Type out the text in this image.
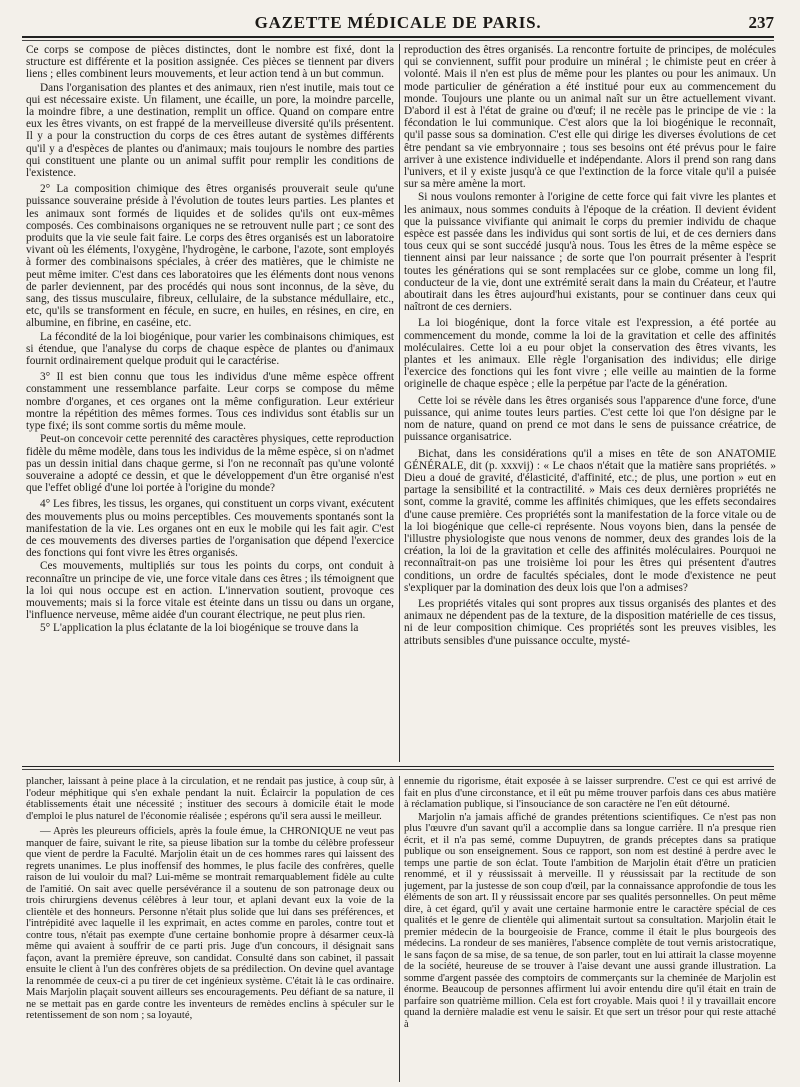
GAZETTE MÉDICALE DE PARIS.	237

Ce corps se compose de pièces distinctes, dont le nombre est fixé, dont la structure est différente et la position assignée. Ces pièces se tiennent par divers liens ; elles combinent leurs mouvements, et leur action tend à un but commun.

Dans l'organisation des plantes et des animaux, rien n'est inutile, mais tout ce qui est nécessaire existe. Un filament, une écaille, un pore, la moindre parcelle, la moindre fibre, a une destination, remplit un office. Quand on compare entre eux les êtres vivants, on est frappé de la merveilleuse diversité qu'ils présentent. Il y a pour la construction du corps de ces êtres autant de systèmes différents qu'il y a d'espèces de plantes ou d'animaux; mais toujours le nombre des parties qui constituent une plante ou un animal suffit pour remplir les conditions de l'existence.

2° La composition chimique des êtres organisés prouverait seule qu'une puissance souveraine préside à l'évolution de toutes leurs parties. Les plantes et les animaux sont formés de liquides et de solides qu'ils ont eux-mêmes composés. Ces combinaisons organiques ne se retrouvent nulle part ; ce sont des produits que la vie seule fait faire. Le corps des êtres organisés est un laboratoire vivant où les éléments, l'oxygène, l'hydrogène, le carbone, l'azote, sont employés à former des combinaisons spéciales, à créer des matières, que le chimiste ne peut même imiter. C'est dans ces laboratoires que les éléments dont nous venons de parler deviennent, par des procédés qui nous sont inconnus, de la sève, du sang, des tissus musculaire, fibreux, cellulaire, de la substance médullaire, etc., etc, qu'ils se transforment en fécule, en sucre, en huiles, en résines, en cire, en albumine, en fibrine, en caséine, etc.

La fécondité de la loi biogénique, pour varier les combinaisons chimiques, est si étendue, que l'analyse du corps de chaque espèce de plantes ou d'animaux fournit ordinairement quelque produit qui le caractérise.

3° Il est bien connu que tous les individus d'une même espèce offrent constamment une ressemblance parfaite. Leur corps se compose du même nombre d'organes, et ces organes ont la même configuration. Leur extérieur montre la répétition des mêmes formes. Tous ces individus sont établis sur un type fixé; ils sont comme sortis du même moule.

Peut-on concevoir cette perennité des caractères physiques, cette reproduction fidèle du même modèle, dans tous les individus de la même espèce, si on n'admet pas un dessin initial dans chaque germe, si l'on ne reconnaît pas qu'une volonté souveraine a adopté ce dessin, et que le développement d'un être organisé n'est que l'effet obligé d'une loi portée à l'origine du monde?

4° Les fibres, les tissus, les organes, qui constituent un corps vivant, exécutent des mouvements plus ou moins perceptibles. Ces mouvements spontanés sont la manifestation de la vie. Les organes ont en eux le mobile qui les fait agir. C'est de ces mouvements des diverses parties de l'organisation que dépend l'exercice des fonctions qui font vivre les êtres organisés.

Ces mouvements, multipliés sur tous les points du corps, ont conduit à reconnaître un principe de vie, une force vitale dans ces êtres ; ils témoignent que la loi qui nous occupe est en action. L'innervation soutient, provoque ces mouvements; mais si la force vitale est éteinte dans un tissu ou dans un organe, l'influence nerveuse, même aidée d'un courant électrique, ne peut plus rien.

5° L'application la plus éclatante de la loi biogénique se trouve dans la

reproduction des êtres organisés. La rencontre fortuite de principes, de molécules qui se conviennent, suffit pour produire un minéral ; le chimiste peut en créer à volonté. Mais il n'en est plus de même pour les plantes ou pour les animaux. Un mode particulier de génération a été institué pour eux au commencement du monde. Toujours une plante ou un animal naît sur un être actuellement vivant. D'abord il est à l'état de graine ou d'œuf; il ne recèle pas le principe de vie : la fécondation le lui communique. C'est alors que la loi biogénique le reconnaît, qu'il passe sous sa domination. C'est elle qui dirige les diverses évolutions de cet être pendant sa vie embryonnaire ; tous ses besoins ont été prévus pour le faire arriver à une existence individuelle et indépendante. Alors il prend son rang dans l'univers, et il y existe jusqu'à ce que l'extinction de la force vitale qu'il a puisée sur sa mère amène la mort.

Si nous voulons remonter à l'origine de cette force qui fait vivre les plantes et les animaux, nous sommes conduits à l'époque de la création. Il devient évident que la puissance vivifiante qui animait le corps du premier individu de chaque espèce est passée dans les individus qui sont sortis de lui, et de ces derniers dans tous ceux qui se sont succédé jusqu'à nous. Tous les êtres de la même espèce se tiennent ainsi par leur naissance ; de sorte que l'on pourrait présenter à l'esprit toutes les générations qui se sont remplacées sur ce globe, comme un long fil, conducteur de la vie, dont une extrémité serait dans la main du Créateur, et l'autre aboutirait dans les êtres aujourd'hui existants, pour se continuer dans ceux qui naîtront de ces derniers.

La loi biogénique, dont la force vitale est l'expression, a été portée au commencement du monde, comme la loi de la gravitation et celle des affinités moléculaires. Cette loi a eu pour objet la conservation des êtres vivants, les plantes et les animaux. Elle règle l'organisation des individus; elle dirige l'exercice des fonctions qui les font vivre ; elle veille au maintien de la forme originelle de chaque espèce ; elle la perpétue par l'acte de la génération.

Cette loi se révèle dans les êtres organisés sous l'apparence d'une force, d'une puissance, qui anime toutes leurs parties. C'est cette loi que l'on désigne par le nom de nature, quand on prend ce mot dans le sens de puissance créatrice, de puissance organisatrice.

Bichat, dans les considérations qu'il a mises en tête de son ANATOMIE GÉNÉRALE, dit (p. xxxvij) : « Le chaos n'était que la matière sans propriétés. » Dieu a doué de gravité, d'élasticité, d'affinité, etc.; de plus, une portion » eut en partage la sensibilité et la contractilité. » Mais ces deux dernières propriétés ne sont, comme la gravité, comme les affinités chimiques, que les effets secondaires d'une cause première. Ces propriétés sont la manifestation de la force vitale ou de la loi biogénique que celle-ci représente. Nous voyons bien, dans la pensée de l'illustre physiologiste que nous venons de nommer, deux des grandes lois de la création, la loi de la gravitation et celle des affinités moléculaires. Pourquoi ne reconnaîtrait-on pas une troisième loi pour les êtres qui présentent d'autres conditions, un ordre de facultés spéciales, dont le mode d'existence ne peut s'expliquer par la domination des deux lois que l'on a admises?

Les propriétés vitales qui sont propres aux tissus organisés des plantes et des animaux ne dépendent pas de la texture, de la disposition matérielle de ces tissus, ni de leur composition chimique. Ces propriétés sont les preuves visibles, les attributs sensibles d'une puissance occulte, mysté-

plancher, laissant à peine place à la circulation, et ne rendait pas justice, à coup sûr, à l'odeur méphitique qui s'en exhale pendant la nuit. Éclaircir la population de ces établissements était une nécessité ; instituer des secours à domicile était le mode d'emploi le plus naturel de l'économie réalisée ; espérons qu'il sera aussi le meilleur.

— Après les pleureurs officiels, après la foule émue, la CHRONIQUE ne veut pas manquer de faire, suivant le rite, sa pieuse libation sur la tombe du célèbre professeur que vient de perdre la Faculté. Marjolin était un de ces hommes rares qui laissent des regrets unanimes. Le plus inoffensif des hommes, le plus facile des confrères, quelle raison de lui vouloir du mal? Lui-même se montrait remarquablement fidèle au culte de l'amitié. On sait avec quelle persévérance il a soutenu de son patronage deux ou trois chirurgiens devenus célèbres à leur tour, et aplani devant eux la voie de la clientèle et des honneurs. Personne n'était plus solide que lui dans ses préférences, et l'intrépidité avec laquelle il les exprimait, en actes comme en paroles, contre tout et contre tous, n'était pas exempte d'une certaine bonhomie propre à désarmer ceux-là même qui avaient à souffrir de ce parti pris. Juge d'un concours, il désignait sans façon, avant la première épreuve, son candidat. Consulté dans son cabinet, il passait ensuite le client à l'un des confrères objets de sa prédilection. On devine quel avantage la renommée de ceux-ci a pu tirer de cet ingénieux système. C'était là le cas ordinaire. Mais Marjolin plaçait souvent ailleurs ses encouragements. Peu défiant de sa nature, il ne se mettait pas en garde contre les inventeurs de remèdes enclins à spéculer sur le retentissement de son nom ; sa loyauté,

ennemie du rigorisme, était exposée à se laisser surprendre. C'est ce qui est arrivé de fait en plus d'une circonstance, et il eût pu même trouver parfois dans ces abus matière à réclamation publique, si l'insouciance de son caractère ne l'en eût détourné.

Marjolin n'a jamais affiché de grandes prétentions scientifiques. Ce n'est pas non plus l'œuvre d'un savant qu'il a accomplie dans sa longue carrière. Il n'a presque rien écrit, et il n'a pas semé, comme Dupuytren, de grands préceptes dans sa pratique publique ou son enseignement. Sous ce rapport, son nom est destiné à perdre avec le temps une partie de son éclat. Toute l'ambition de Marjolin était d'être un praticien renommé, et il y réussissait à merveille. Il y réussissait par la rectitude de son jugement, par la justesse de son coup d'œil, par la connaissance approfondie de tous les éléments de son art. Il y réussissait encore par ses qualités personnelles. On peut même dire, à cet égard, qu'il y avait une certaine harmonie entre le caractère spécial de ces qualités et le genre de clientèle qui alimentait surtout sa consultation. Marjolin était le premier médecin de la bourgeoisie de France, comme il était le plus bourgeois des médecins. La rondeur de ses manières, l'absence complète de tout vernis aristocratique, le sans façon de sa mise, de sa tenue, de son parler, tout en lui attirait la classe moyenne de la société, heureuse de se trouver à l'aise devant une aussi grande illustration. La somme d'argent passée des comptoirs de commerçants sur la cheminée de Marjolin est énorme. Beaucoup de personnes affirment lui avoir entendu dire qu'il était en train de parfaire son quatrième million. Cela est fort croyable. Mais quoi ! il y travaillait encore quand la dernière maladie est venu le saisir. Et que sert un trésor pour qui reste attaché à
